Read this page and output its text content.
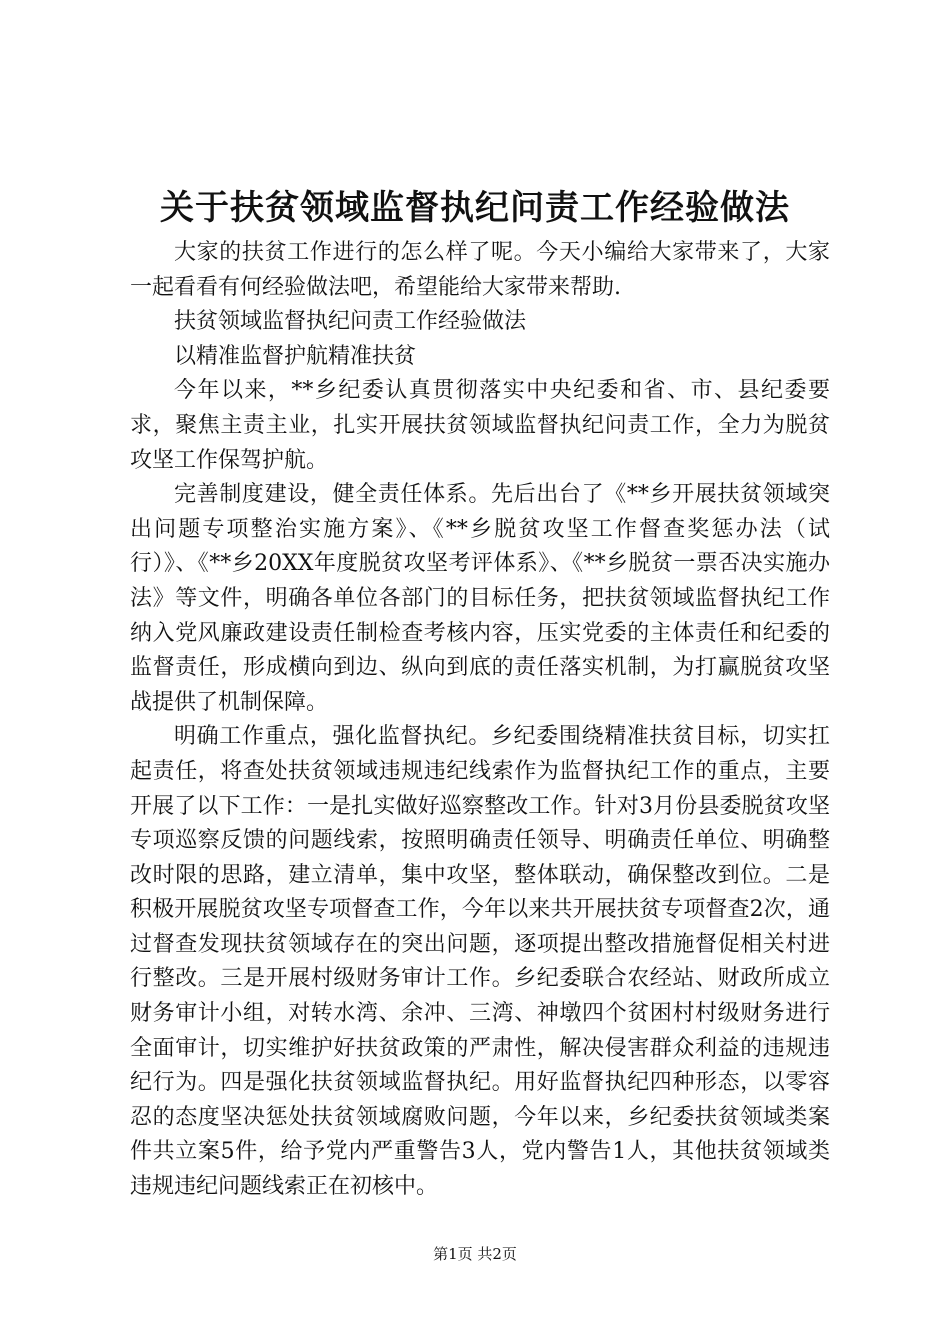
关于扶贫领域监督执纪问责工作经验做法

大家的扶贫工作进行的怎么样了呢。今天小编给大家带来了，大家一起看看有何经验做法吧，希望能给大家带来帮助.

扶贫领域监督执纪问责工作经验做法

以精准监督护航精准扶贫

今年以来，**乡纪委认真贯彻落实中央纪委和省、市、县纪委要求，聚焦主责主业，扎实开展扶贫领域监督执纪问责工作，全力为脱贫攻坚工作保驾护航。

完善制度建设，健全责任体系。先后出台了《**乡开展扶贫领域突出问题专项整治实施方案》、《**乡脱贫攻坚工作督查奖惩办法（试行）》、《**乡20XX年度脱贫攻坚考评体系》、《**乡脱贫一票否决实施办法》等文件，明确各单位各部门的目标任务，把扶贫领域监督执纪工作纳入党风廉政建设责任制检查考核内容，压实党委的主体责任和纪委的监督责任，形成横向到边、纵向到底的责任落实机制，为打赢脱贫攻坚战提供了机制保障。

明确工作重点，强化监督执纪。乡纪委围绕精准扶贫目标，切实扛起责任，将查处扶贫领域违规违纪线索作为监督执纪工作的重点，主要开展了以下工作：一是扎实做好巡察整改工作。针对3月份县委脱贫攻坚专项巡察反馈的问题线索，按照明确责任领导、明确责任单位、明确整改时限的思路，建立清单，集中攻坚，整体联动，确保整改到位。二是积极开展脱贫攻坚专项督查工作，今年以来共开展扶贫专项督查2次，通过督查发现扶贫领域存在的突出问题，逐项提出整改措施督促相关村进行整改。三是开展村级财务审计工作。乡纪委联合农经站、财政所成立财务审计小组，对转水湾、余冲、三湾、神墩四个贫困村村级财务进行全面审计，切实维护好扶贫政策的严肃性，解决侵害群众利益的违规违纪行为。四是强化扶贫领域监督执纪。用好监督执纪四种形态，以零容忍的态度坚决惩处扶贫领域腐败问题，今年以来，乡纪委扶贫领域类案件共立案5件，给予党内严重警告3人，党内警告1人，其他扶贫领域类违规违纪问题线索正在初核中。

第1页 共2页
